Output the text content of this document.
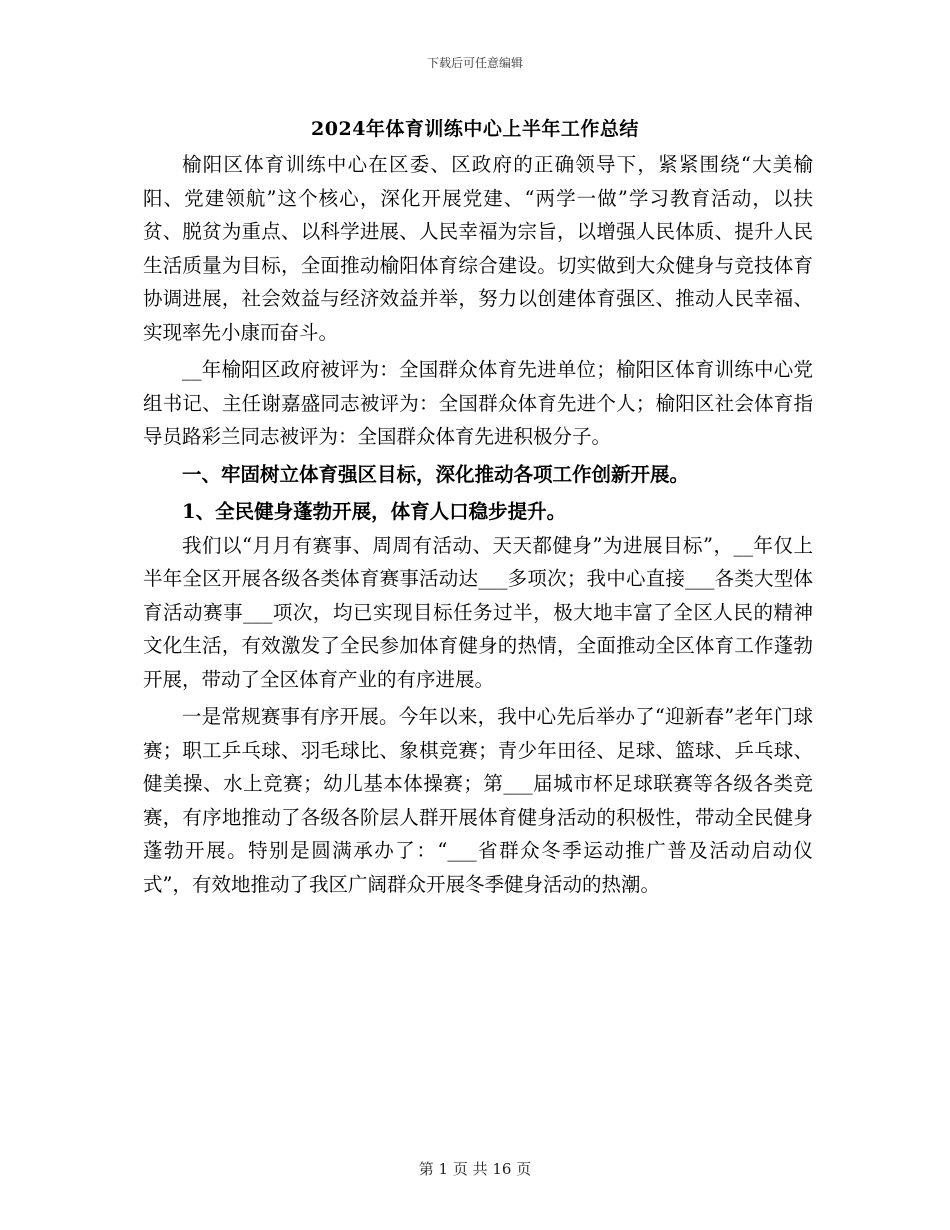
下载后可任意编辑
2024年体育训练中心上半年工作总结

榆阳区体育训练中心在区委、区政府的正确领导下，紧紧围绕“大美榆阳、党建领航”这个核心，深化开展党建、“两学一做”学习教育活动，以扶贫、脱贫为重点、以科学进展、人民幸福为宗旨，以增强人民体质、提升人民生活质量为目标，全面推动榆阳体育综合建设。切实做到大众健身与竞技体育协调进展，社会效益与经济效益并举，努力以创建体育强区、推动人民幸福、实现率先小康而奋斗。

__年榆阳区政府被评为：全国群众体育先进单位；榆阳区体育训练中心党组书记、主任谢嘉盛同志被评为：全国群众体育先进个人；榆阳区社会体育指导员路彩兰同志被评为：全国群众体育先进积极分子。

一、牢固树立体育强区目标，深化推动各项工作创新开展。
1、全民健身蓬勃开展，体育人口稳步提升。

我们以“月月有赛事、周周有活动、天天都健身”为进展目标”，__年仅上半年全区开展各级各类体育赛事活动达___多项次；我中心直接___各类大型体育活动赛事___项次，均已实现目标任务过半，极大地丰富了全区人民的精神文化生活，有效激发了全民参加体育健身的热情，全面推动全区体育工作蓬勃开展，带动了全区体育产业的有序进展。

一是常规赛事有序开展。今年以来，我中心先后举办了“迎新春”老年门球赛；职工乒乓球、羽毛球比、象棋竞赛；青少年田径、足球、篮球、乒乓球、健美操、水上竞赛；幼儿基本体操赛；第___届城市杯足球联赛等各级各类竞赛，有序地推动了各级各阶层人群开展体育健身活动的积极性，带动全民健身蓬勃开展。特别是圆满承办了：“___省群众冬季运动推广普及活动启动仪式”，有效地推动了我区广阔群众开展冬季健身活动的热潮。

第 1 页 共 16 页
